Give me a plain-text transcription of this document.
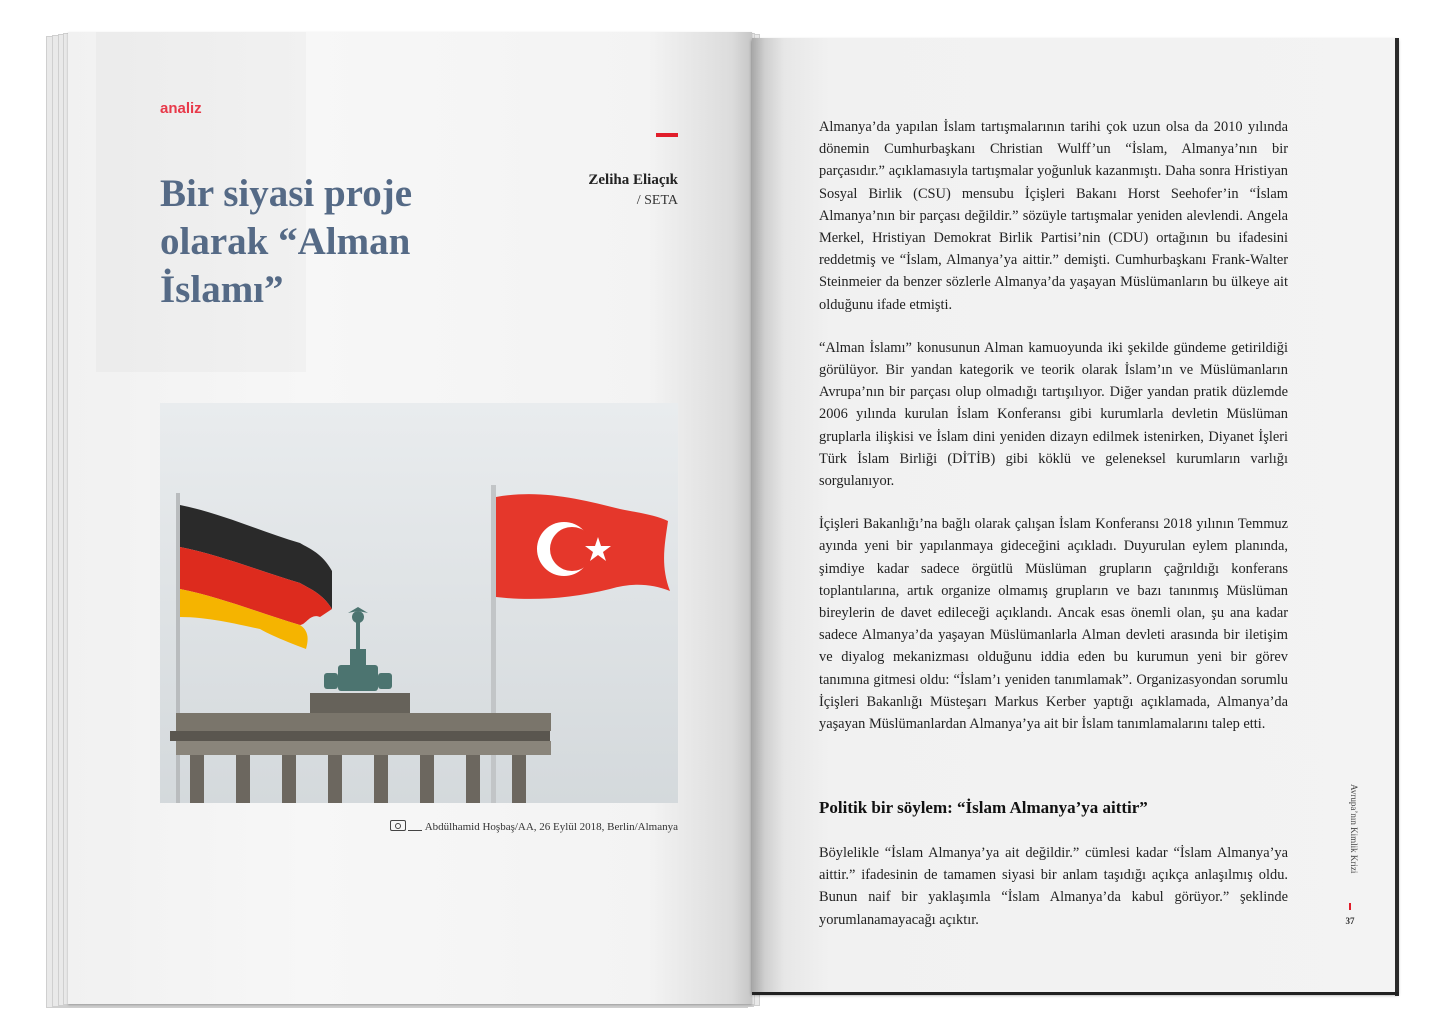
analiz
Bir siyasi proje olarak “Alman İslamı”
Zeliha Eliaçık
/ SETA
Abdülhamid Hoşbaş/AA, 26 Eylül 2018, Berlin/Almanya

Almanya’da yapılan İslam tartışmalarının tarihi çok uzun olsa da 2010 yılında dönemin Cumhurbaşkanı Christian Wulff’un “İslam, Almanya’nın bir parçasıdır.” açıklamasıyla tartışmalar yoğunluk kazanmıştı. Daha sonra Hristiyan Sosyal Birlik (CSU) mensubu İçişleri Bakanı Horst Seehofer’in “İslam Almanya’nın bir parçası değildir.” sözüyle tartışmalar yeniden alevlendi. Angela Merkel, Hristiyan Demokrat Birlik Partisi’nin (CDU) ortağının bu ifadesini reddetmiş ve “İslam, Almanya’ya aittir.” demişti. Cumhurbaşkanı Frank-Walter Steinmeier da benzer sözlerle Almanya’da yaşayan Müslümanların bu ülkeye ait olduğunu ifade etmişti.

“Alman İslamı” konusunun Alman kamuoyunda iki şekilde gündeme getirildiği görülüyor. Bir yandan kategorik ve teorik olarak İslam’ın ve Müslümanların Avrupa’nın bir parçası olup olmadığı tartışılıyor. Diğer yandan pratik düzlemde 2006 yılında kurulan İslam Konferansı gibi kurumlarla devletin Müslüman gruplarla ilişkisi ve İslam dini yeniden dizayn edilmek istenirken, Diyanet İşleri Türk İslam Birliği (DİTİB) gibi köklü ve geleneksel kurumların varlığı sorgulanıyor.

İçişleri Bakanlığı’na bağlı olarak çalışan İslam Konferansı 2018 yılının Temmuz ayında yeni bir yapılanmaya gideceğini açıkladı. Duyurulan eylem planında, şimdiye kadar sadece örgütlü Müslüman grupların çağrıldığı konferans toplantılarına, artık organize olmamış grupların ve bazı tanınmış Müslüman bireylerin de davet edileceği açıklandı. Ancak esas önemli olan, şu ana kadar sadece Almanya’da yaşayan Müslümanlarla Alman devleti arasında bir iletişim ve diyalog mekanizması olduğunu iddia eden bu kurumun yeni bir görev tanımına gitmesi oldu: “İslam’ı yeniden tanımlamak”. Organizasyondan sorumlu İçişleri Bakanlığı Müsteşarı Markus Kerber yaptığı açıklamada, Almanya’da yaşayan Müslümanlardan Almanya’ya ait bir İslam tanımlamalarını talep etti.

Politik bir söylem: “İslam Almanya’ya aittir”

Böylelikle “İslam Almanya’ya ait değildir.” cümlesi kadar “İslam Almanya’ya aittir.” ifadesinin de tamamen siyasi bir anlam taşıdığı açıkça anlaşılmış oldu. Bunun naif bir yaklaşımla “İslam Almanya’da kabul görüyor.” şeklinde yorumlanamayacağı açıktır.

Avrupa’nın Kimlik Krizi
37
